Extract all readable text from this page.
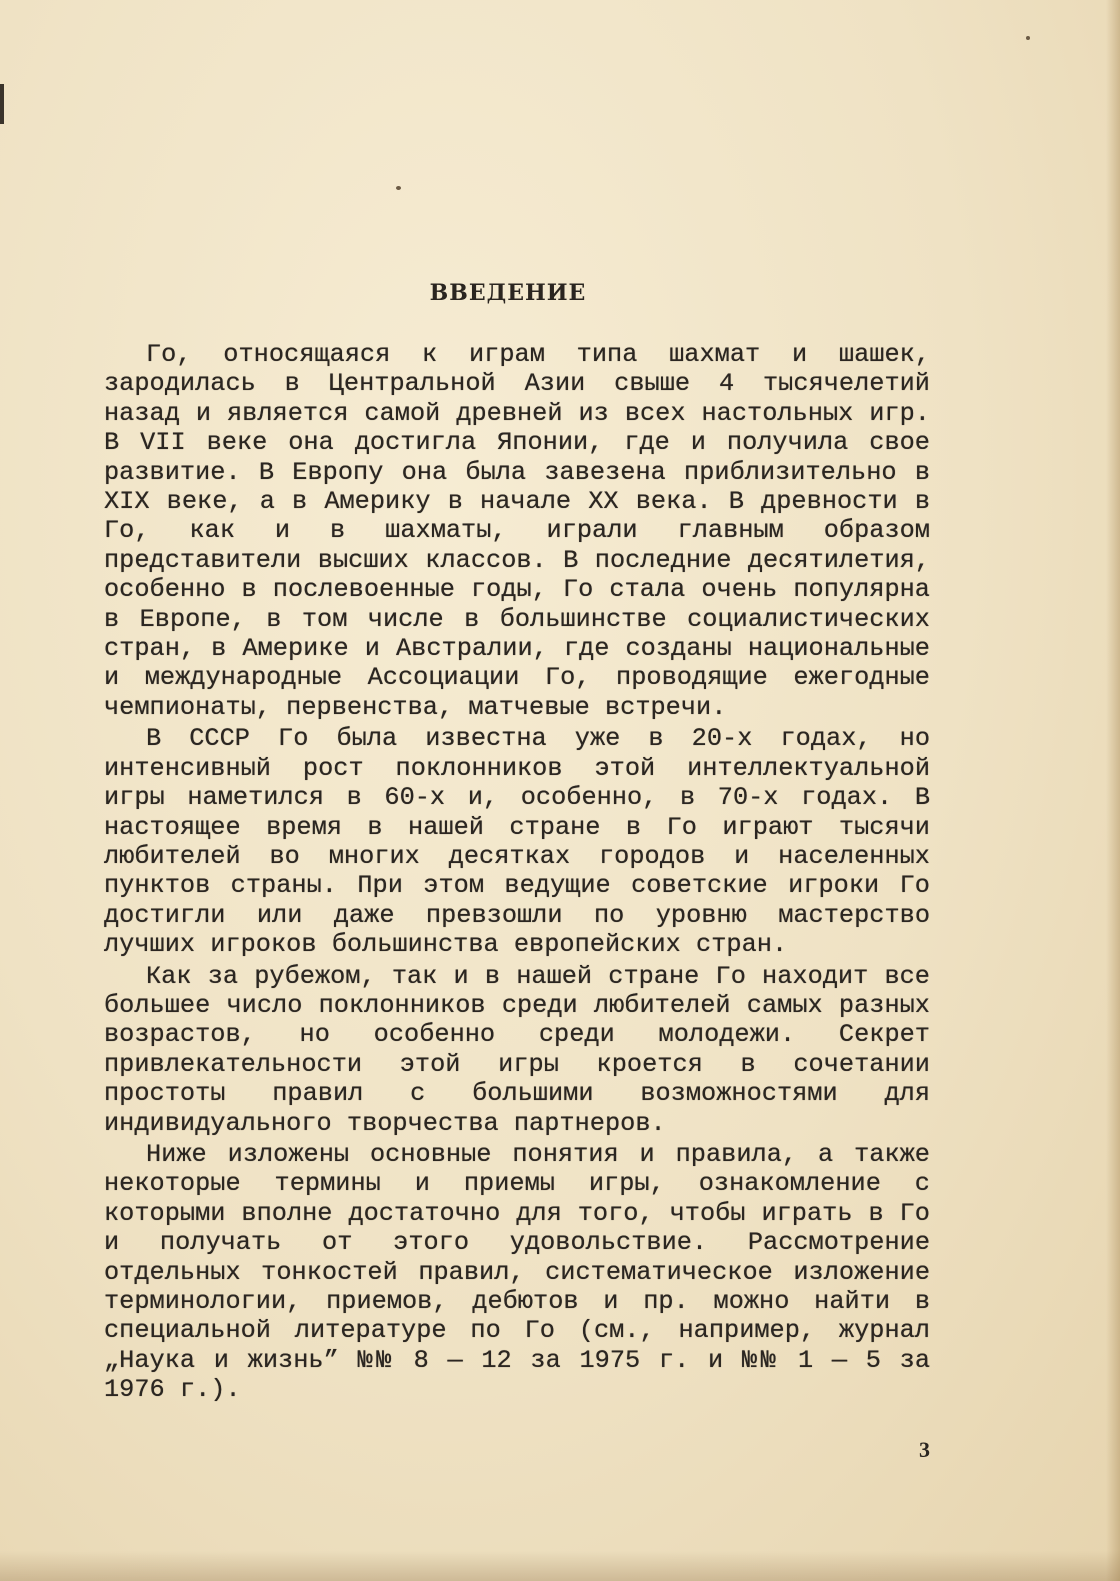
ВВЕДЕНИЕ

Го, относящаяся к играм типа шахмат и шашек, зародилась в Центральной Азии свыше 4 тысячелетий назад и является самой древней из всех настольных игр. В VII веке она достигла Японии, где и получила свое развитие. В Европу она была завезена приблизительно в XIX веке, а в Америку в начале XX века. В древности в Го, как и в шахматы, играли главным образом представители высших классов. В последние десятилетия, особенно в послевоенные годы, Го стала очень популярна в Европе, в том числе в большинстве социалистических стран, в Америке и Австралии, где созданы национальные и международные Ассоциации Го, проводящие ежегодные чемпионаты, первенства, матчевые встречи.

В СССР Го была известна уже в 20-х годах, но интенсивный рост поклонников этой интеллектуальной игры наметился в 60-х и, особенно, в 70-х годах. В настоящее время в нашей стране в Го играют тысячи любителей во многих десятках городов и населенных пунктов страны. При этом ведущие советские игроки Го достигли или даже превзошли по уровню мастерство лучших игроков большинства европейских стран.

Как за рубежом, так и в нашей стране Го находит все большее число поклонников среди любителей самых разных возрастов, но особенно среди молодежи. Секрет привлекательности этой игры кроется в сочетании простоты правил с большими возможностями для индивидуального творчества партнеров.

Ниже изложены основные понятия и правила, а также некоторые термины и приемы игры, ознакомление с которыми вполне достаточно для того, чтобы играть в Го и получать от этого удовольствие. Рассмотрение отдельных тонкостей правил, систематическое изложение терминологии, приемов, дебютов и пр. можно найти в специальной литературе по Го (см., например, журнал „Наука и жизнь” №№ 8 — 12 за 1975 г. и №№ 1 — 5 за 1976 г.).

3
